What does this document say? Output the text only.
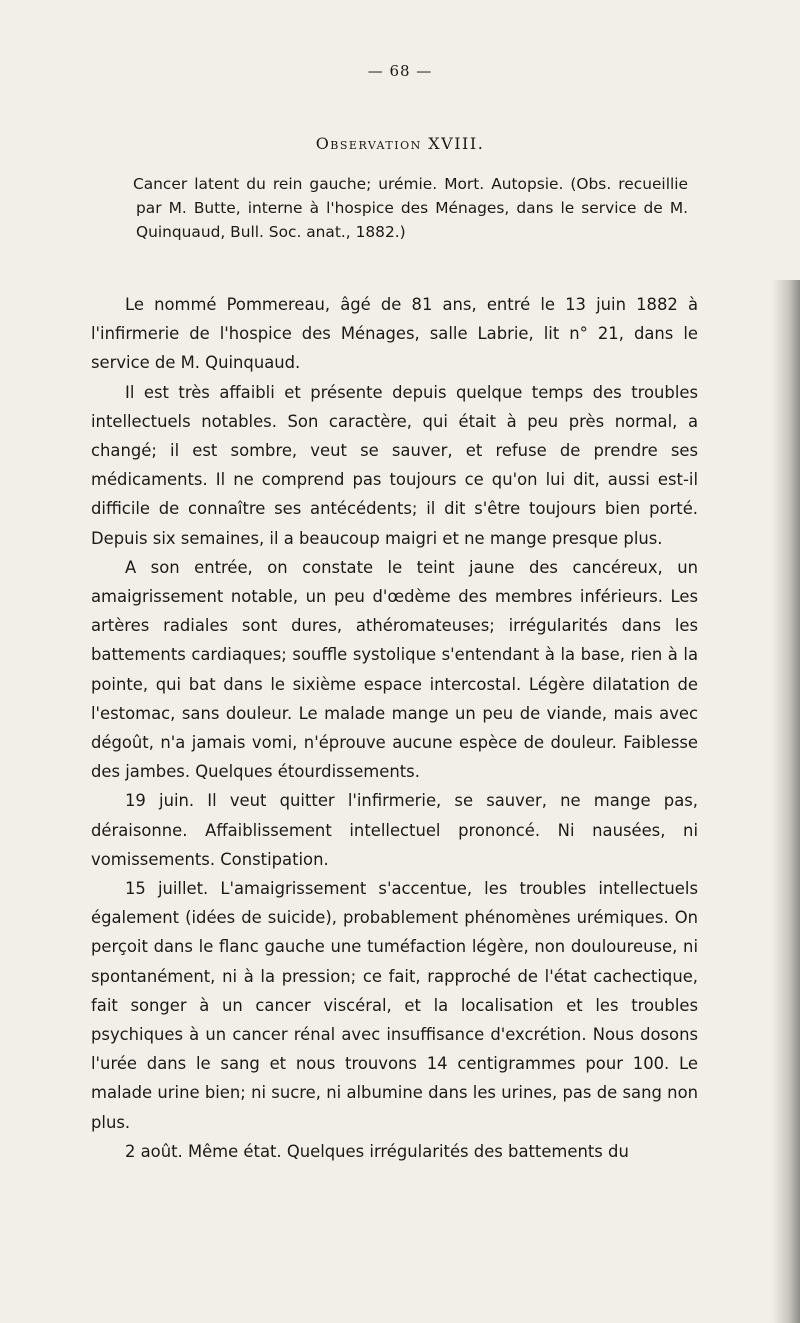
— 68 —
Observation XVIII.

Cancer latent du rein gauche; urémie. Mort. Autopsie. (Obs. recueillie par M. Butte, interne à l'hospice des Ménages, dans le service de M. Quinquaud, Bull. Soc. anat., 1882.)

Le nommé Pommereau, âgé de 81 ans, entré le 13 juin 1882 à l'infirmerie de l'hospice des Ménages, salle Labrie, lit n° 21, dans le service de M. Quinquaud.

Il est très affaibli et présente depuis quelque temps des troubles intellectuels notables. Son caractère, qui était à peu près normal, a changé; il est sombre, veut se sauver, et refuse de prendre ses médicaments. Il ne comprend pas toujours ce qu'on lui dit, aussi est-il difficile de connaître ses antécédents; il dit s'être toujours bien porté. Depuis six semaines, il a beaucoup maigri et ne mange presque plus.

A son entrée, on constate le teint jaune des cancéreux, un amaigrissement notable, un peu d'œdème des membres inférieurs. Les artères radiales sont dures, athéromateuses; irrégularités dans les battements cardiaques; souffle systolique s'entendant à la base, rien à la pointe, qui bat dans le sixième espace intercostal. Légère dilatation de l'estomac, sans douleur. Le malade mange un peu de viande, mais avec dégoût, n'a jamais vomi, n'éprouve aucune espèce de douleur. Faiblesse des jambes. Quelques étourdissements.

19 juin. Il veut quitter l'infirmerie, se sauver, ne mange pas, déraisonne. Affaiblissement intellectuel prononcé. Ni nausées, ni vomissements. Constipation.

15 juillet. L'amaigrissement s'accentue, les troubles intellectuels également (idées de suicide), probablement phénomènes urémiques. On perçoit dans le flanc gauche une tuméfaction légère, non douloureuse, ni spontanément, ni à la pression; ce fait, rapproché de l'état cachectique, fait songer à un cancer viscéral, et la localisation et les troubles psychiques à un cancer rénal avec insuffisance d'excrétion. Nous dosons l'urée dans le sang et nous trouvons 14 centigrammes pour 100. Le malade urine bien; ni sucre, ni albumine dans les urines, pas de sang non plus.

2 août. Même état. Quelques irrégularités des battements du
